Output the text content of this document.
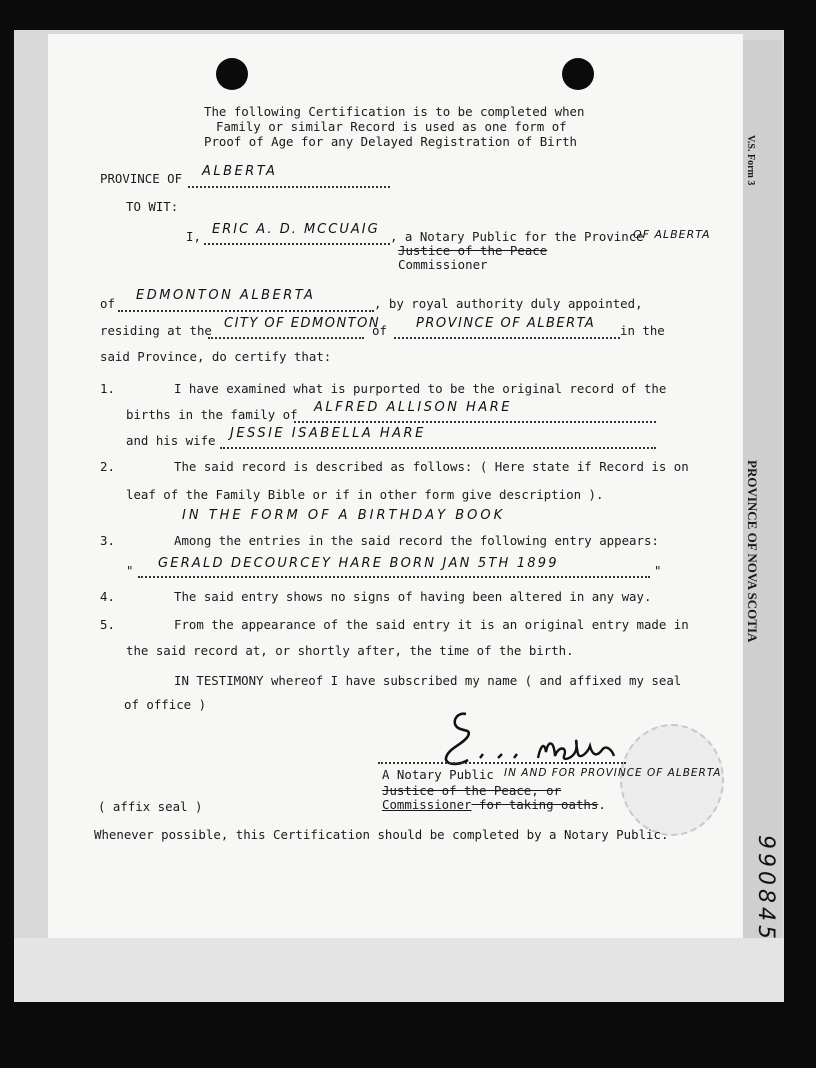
V.S. Form 3
PROVINCE OF NOVA SCOTIA
990845
The following Certification is to be completed when
Family or similar Record is used as one form of
Proof of Age for any Delayed Registration of Birth
PROVINCE OF ALBERTA
TO WIT:
I, ERIC A. D. MCCUAIG , a Notary Public for the Province
OF ALBERTA
Justice of the Peace
Commissioner
of
EDMONTON ALBERTA
, by royal authority duly appointed,
residing at the CITY OF EDMONTON
of PROVINCE OF ALBERTA in the
said Province, do certify that:
1.	I have examined what is purported to be the original record of the
births in the family of ALFRED ALLISON HARE
and his wife JESSIE ISABELLA HARE
2.	The said record is described as follows: ( Here state if Record is on
leaf of the Family Bible or if in other form give description ).
IN THE FORM OF A BIRTHDAY BOOK
3.	Among the entries in the said record the following entry appears:
" GERALD DECOURCEY HARE BORN JAN 5TH 1899	"
4.	The said entry shows no signs of having been altered in any way.
5.	From the appearance of the said entry it is an original entry made in
the said record at, or shortly after, the time of the birth.
IN TESTIMONY whereof I have subscribed my name ( and affixed my seal
of office )
A Notary Public IN AND FOR PROVINCE OF ALBERTA
Justice of the Peace, or
Commissioner for taking oaths.
( affix seal )
Whenever possible, this Certification should be completed by a Notary Public.
